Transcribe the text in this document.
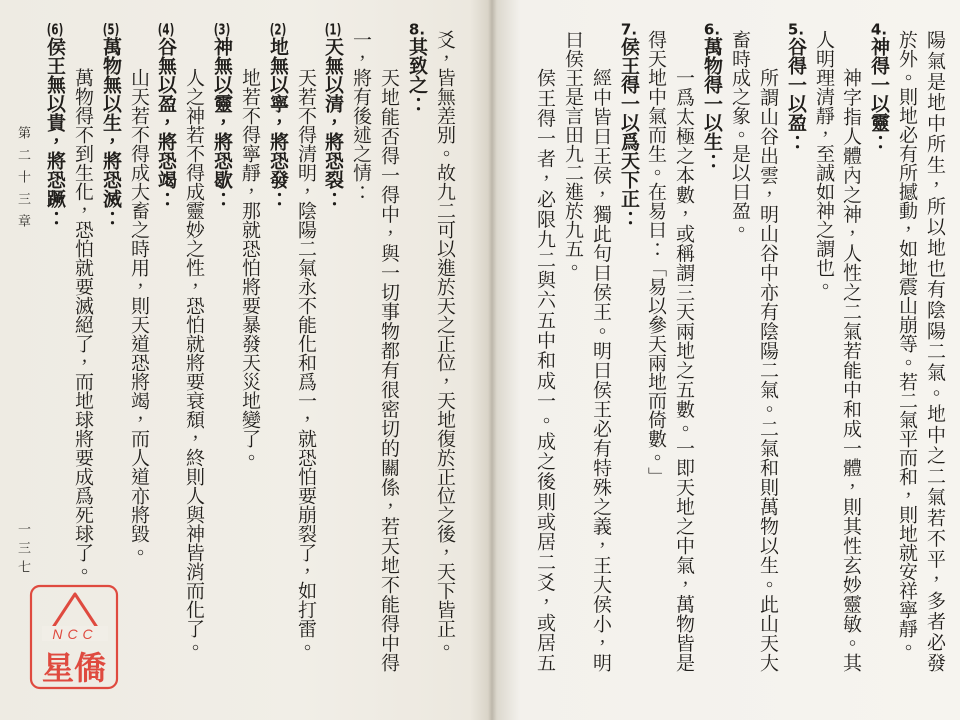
第二十三章
一三七	爻，皆無差別。故九二可以進於天之正位，天地復於正位之後，天下皆正。
8.其致之：
天地能否得一得中，與一切事物都有很密切的關係，若天地不能得中得
一，將有後述之情：
(1)天無以清，將恐裂：
天若不得清明，陰陽二氣永不能化和爲一，就恐怕要崩裂了，如打雷。
(2)地無以寧，將恐發：
地若不得寧靜，那就恐怕將要暴發天災地變了。
(3)神無以靈，將恐歇：
人之神若不得成靈妙之性，恐怕就將要衰頹，終則人與神皆消而化了。
(4)谷無以盈，將恐竭：
山天若不得成大畜之時用，則天道恐將竭，而人道亦將毀。
(5)萬物無以生，將恐滅：
萬物得不到生化，恐怕就要滅絕了，而地球將要成爲死球了。
(6)侯王無以貴，將恐蹶：
NCC
星僑	陽氣是地中所生，所以地也有陰陽二氣。地中之二氣若不平，多者必發
於外。則地必有所撼動，如地震山崩等。若二氣平而和，則地就安祥寧靜。
4.神得一以靈：
神字指人體內之神，人性之二氣若能中和成一體，則其性玄妙靈敏。其
人明理清靜，至誠如神之謂也。
5.谷得一以盈：
所謂山谷出雲，明山谷中亦有陰陽二氣。二氣和則萬物以生。此山天大
畜時成之象。是以曰盈。
6.萬物得一以生：
一爲太極之本數，或稱謂三天兩地之五數。一即天地之中氣，萬物皆是
得天地中氣而生。在易曰：「易以參天兩地而倚數。」
7.侯王得一以爲天下正：
經中皆曰王侯，獨此句曰侯王。明曰侯王必有特殊之義，王大侯小，明
曰侯王是言田九二進於九五。
侯王得一者，必限九二與六五中和成一。成之後則或居二爻，或居五
